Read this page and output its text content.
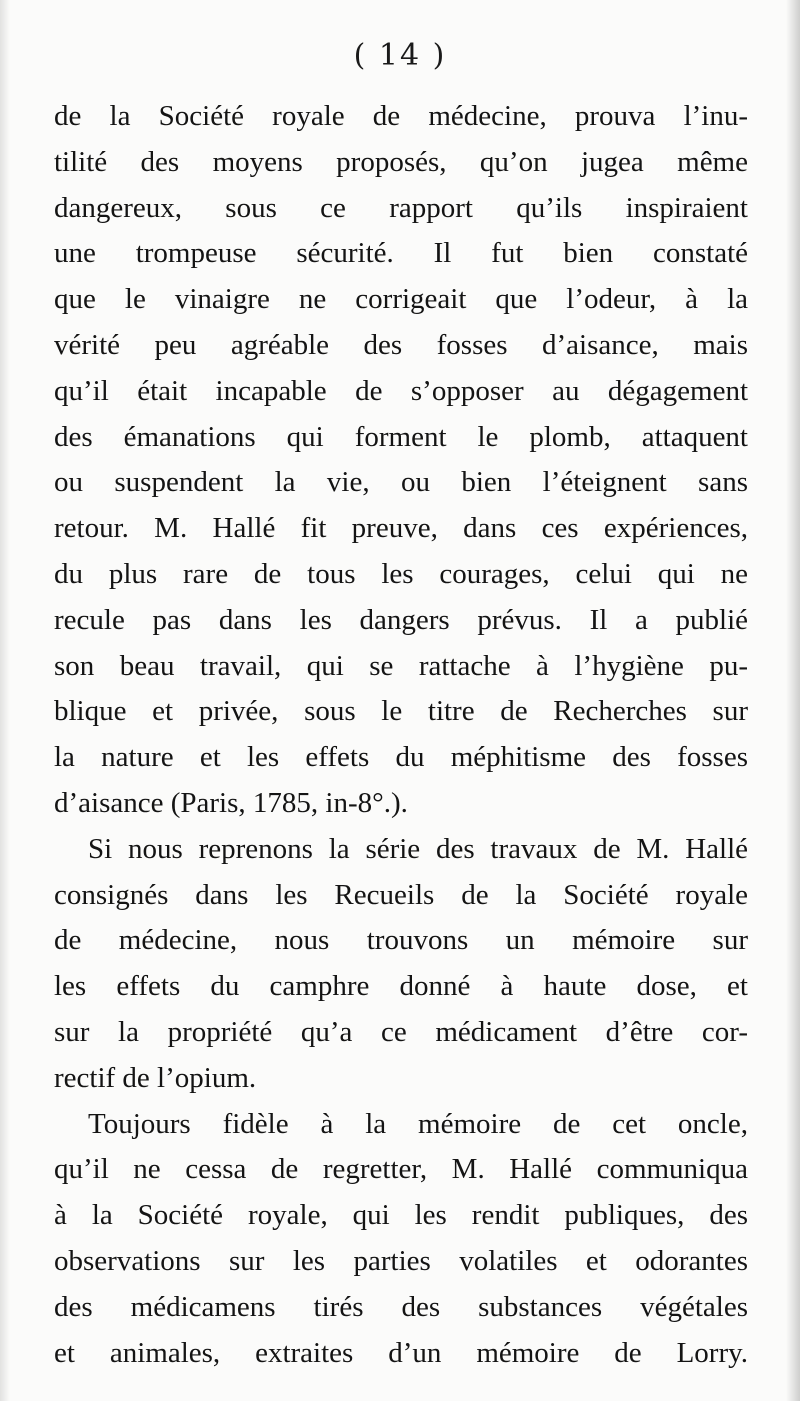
( 14 )
de la Société royale de médecine, prouva l’inu-
tilité des moyens proposés, qu’on jugea même
dangereux, sous ce rapport qu’ils inspiraient
une trompeuse sécurité. Il fut bien constaté
que le vinaigre ne corrigeait que l’odeur, à la
vérité peu agréable des fosses d’aisance, mais
qu’il était incapable de s’opposer au dégagement
des émanations qui forment le plomb, attaquent
ou suspendent la vie, ou bien l’éteignent sans
retour. M. Hallé fit preuve, dans ces expériences,
du plus rare de tous les courages, celui qui ne
recule pas dans les dangers prévus. Il a publié
son beau travail, qui se rattache à l’hygiène pu-
blique et privée, sous le titre de Recherches sur
la nature et les effets du méphitisme des fosses
d’aisance (Paris, 1785, in-8°.).
Si nous reprenons la série des travaux de M. Hallé
consignés dans les Recueils de la Société royale
de médecine, nous trouvons un mémoire sur
les effets du camphre donné à haute dose, et
sur la propriété qu’a ce médicament d’être cor-
rectif de l’opium.
Toujours fidèle à la mémoire de cet oncle,
qu’il ne cessa de regretter, M. Hallé communiqua
à la Société royale, qui les rendit publiques, des
observations sur les parties volatiles et odorantes
des médicamens tirés des substances végétales
et animales, extraites d’un mémoire de Lorry.
